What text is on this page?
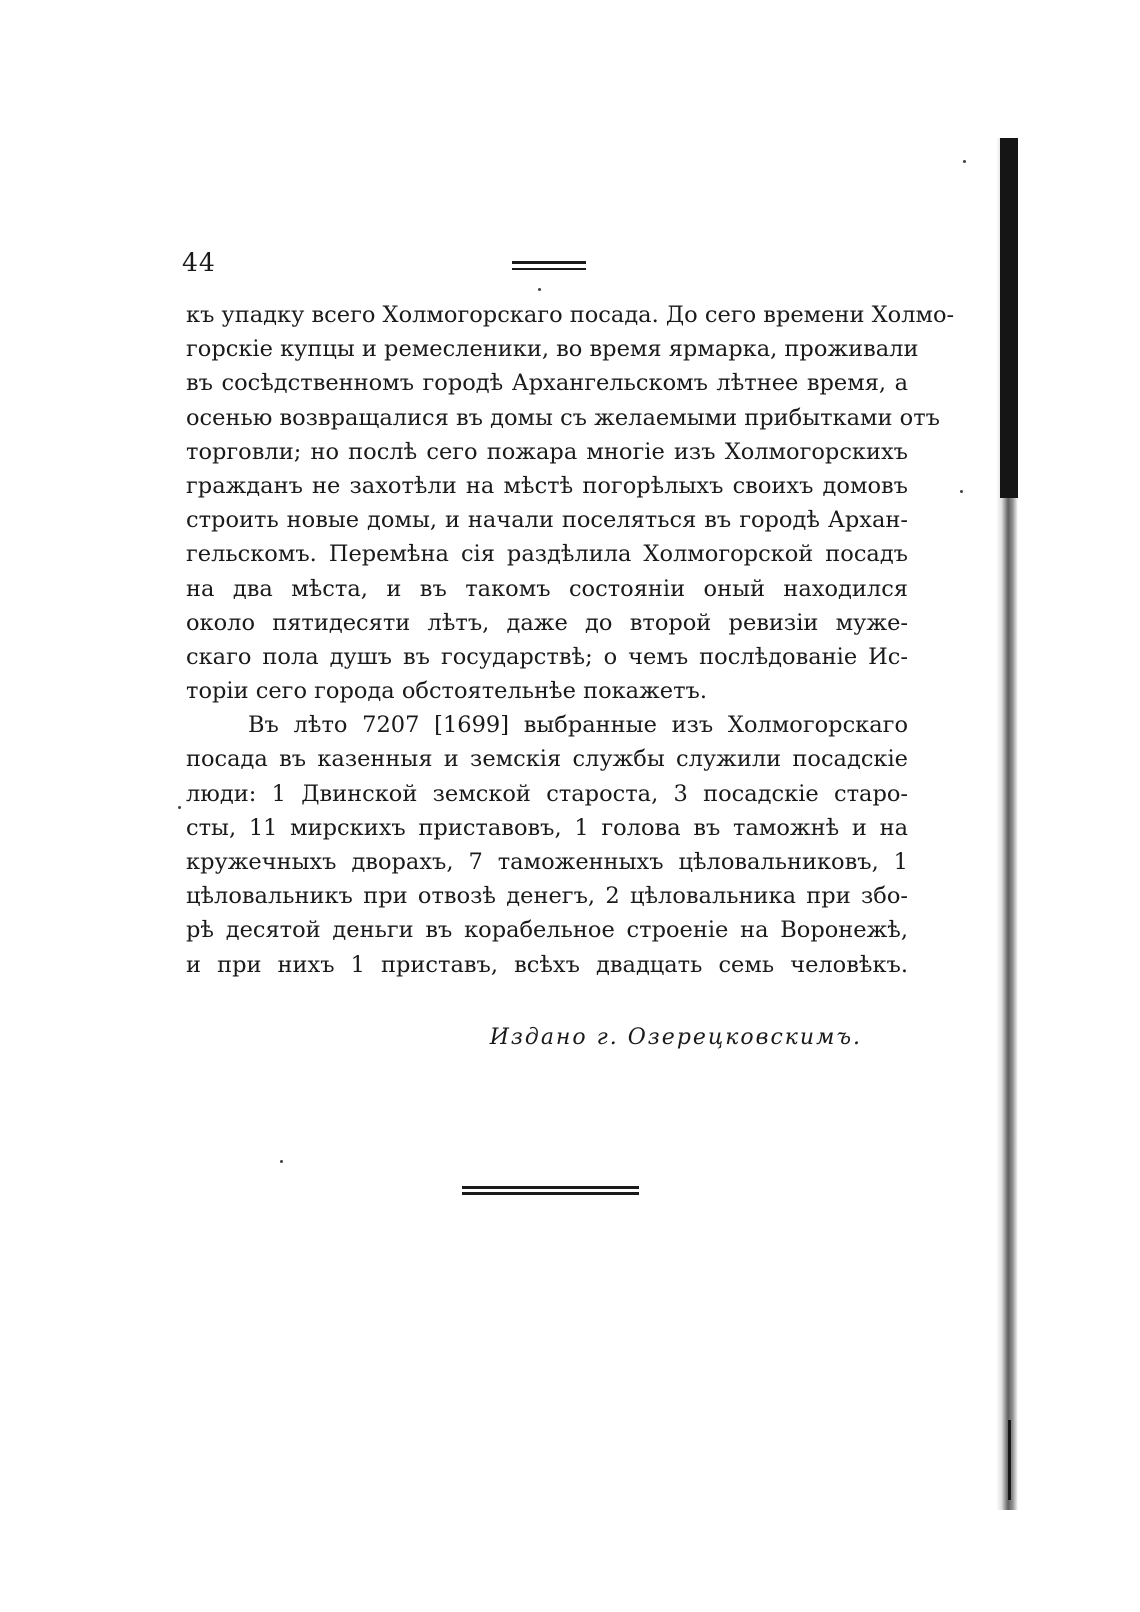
44
къ упадку всего Холмогорскаго посада. До сего времени Холмо-
горскiе купцы и ремесленики, во время ярмарка, проживали
въ сосѣдственномъ городѣ Архангельскомъ лѣтнее время, а
осенью возвращалися въ домы съ желаемыми прибытками отъ
торговли; но послѣ сего пожара многiе изъ Холмогорскихъ
гражданъ не захотѣли на мѣстѣ погорѣлыхъ своихъ домовъ
строить новые домы, и начали поселяться въ городѣ Архан-
гельскомъ. Перемѣна сiя раздѣлила Холмогорской посадъ
на два мѣста, и въ такомъ состоянiи оный находился
около пятидесяти лѣтъ, даже до второй ревизiи муже-
скаго пола душъ въ государствѣ; о чемъ послѣдованiе Ис-
торiи сего города обстоятельнѣе покажетъ.
Въ лѣто 7207 [1699] выбранные изъ Холмогорскаго
посада въ казенныя и земскiя службы служили посадскiе
люди: 1 Двинской земской староста, 3 посадскiе старо-
сты, 11 мирскихъ приставовъ, 1 голова въ таможнѣ и на
кружечныхъ дворахъ, 7 таможенныхъ цѣловальниковъ, 1
цѣловальникъ при отвозѣ денегъ, 2 цѣловальника при збо-
рѣ десятой деньги въ корабельное строенiе на Воронежѣ,
и при нихъ 1 приставъ, всѣхъ двадцать семь человѣкъ.
Издано г. Озерецковскимъ.
